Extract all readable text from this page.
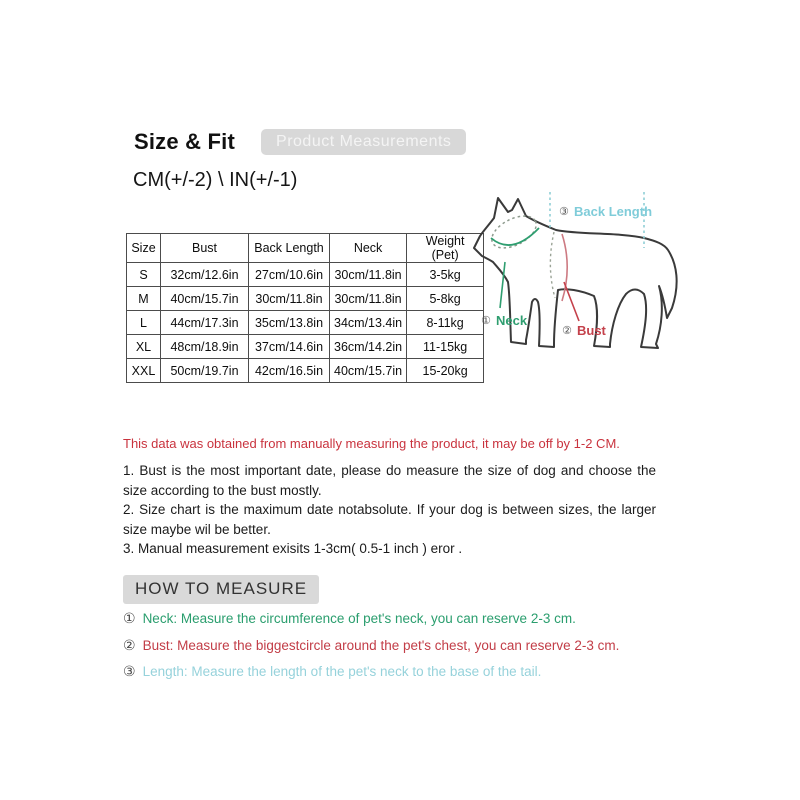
Size & Fit	Product Measurements
CM(+/-2) \ IN(+/-1)
Size	Bust	Back Length	Neck	Weight (Pet)
S	32cm/12.6in	27cm/10.6in	30cm/11.8in	3-5kg
M	40cm/15.7in	30cm/11.8in	30cm/11.8in	5-8kg
L	44cm/17.3in	35cm/13.8in	34cm/13.4in	8-11kg
XL	48cm/18.9in	37cm/14.6in	36cm/14.2in	11-15kg
XXL	50cm/19.7in	42cm/16.5in	40cm/15.7in	15-20kg
③ Back Length
① Neck
② Bust
This data was obtained from manually measuring the product, it may be off by 1-2 CM.

1. Bust is the most important date, please do measure the size of dog and choose the size according to the bust mostly.

2. Size chart is the maximum date notabsolute. If your dog is between sizes, the larger size maybe wil be better.

3. Manual measurement exisits 1-3cm( 0.5-1 inch ) eror .

HOW TO MEASURE
① Neck: Measure the circumference of pet's neck, you can reserve 2-3 cm.
② Bust: Measure the biggestcircle around the pet's chest, you can reserve 2-3 cm.
③ Length: Measure the length of the pet's neck to the base of the tail.
